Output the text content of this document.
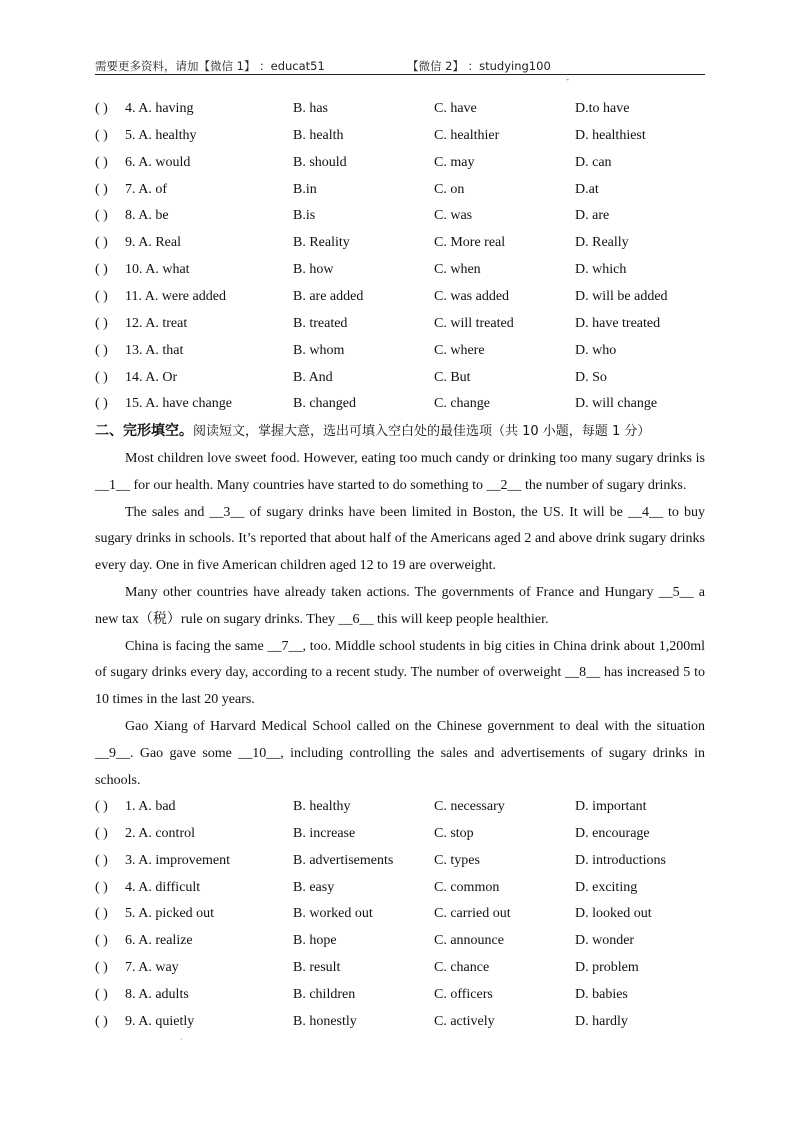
需要更多资料，请加【微信 1】 ：educat51	【微信 2】 ：studying100
-
( ) 4. A. having	B. has	C. have	D.to have
( ) 5. A. healthy	B. health	C. healthier	D. healthiest
( ) 6. A. would	B. should	C. may	D. can
( ) 7. A. of	B.in	C. on	D.at
( ) 8. A. be	B.is	C. was	D. are
( ) 9. A. Real	B. Reality	C. More real	D. Really
( ) 10. A. what	B. how	C. when	D. which
( ) 11. A. were added	B. are added	C. was added	D. will be added
( ) 12. A. treat	B. treated	C. will treated	D. have treated
( ) 13. A. that	B. whom	C. where	D. who
( ) 14. A. Or	B. And	C. But	D. So
( ) 15. A. have change	B. changed	C. change	D. will change
二、完形填空。阅读短文，掌握大意，选出可填入空白处的最佳选项（共 10 小题，每题 1 分）

Most children love sweet food. However, eating too much candy or drinking too many sugary drinks is __1__ for our health. Many countries have started to do something to __2__ the number of sugary drinks.

The sales and __3__ of sugary drinks have been limited in Boston, the US. It will be __4__ to buy sugary drinks in schools. It’s reported that about half of the Americans aged 2 and above drink sugary drinks every day. One in five American children aged 12 to 19 are overweight.

Many other countries have already taken actions. The governments of France and Hungary __5__ a new tax（税）rule on sugary drinks. They __6__ this will keep people healthier.

China is facing the same __7__, too. Middle school students in big cities in China drink about 1,200ml of sugary drinks every day, according to a recent study. The number of overweight __8__ has increased 5 to 10 times in the last 20 years.

Gao Xiang of Harvard Medical School called on the Chinese government to deal with the situation __9__. Gao gave some __10__, including controlling the sales and advertisements of sugary drinks in schools.

( ) 1. A. bad	B. healthy	C. necessary	D. important
( ) 2. A. control	B. increase	C. stop	D. encourage
( ) 3. A. improvement	B. advertisements	C. types	D. introductions
( ) 4. A. difficult	B. easy	C. common	D. exciting
( ) 5. A. picked out	B. worked out	C. carried out	D. looked out
( ) 6. A. realize	B. hope	C. announce	D. wonder
( ) 7. A. way	B. result	C. chance	D. problem
( ) 8. A. adults	B. children	C. officers	D. babies
( ) 9. A. quietly	B. honestly	C. actively	D. hardly
·
